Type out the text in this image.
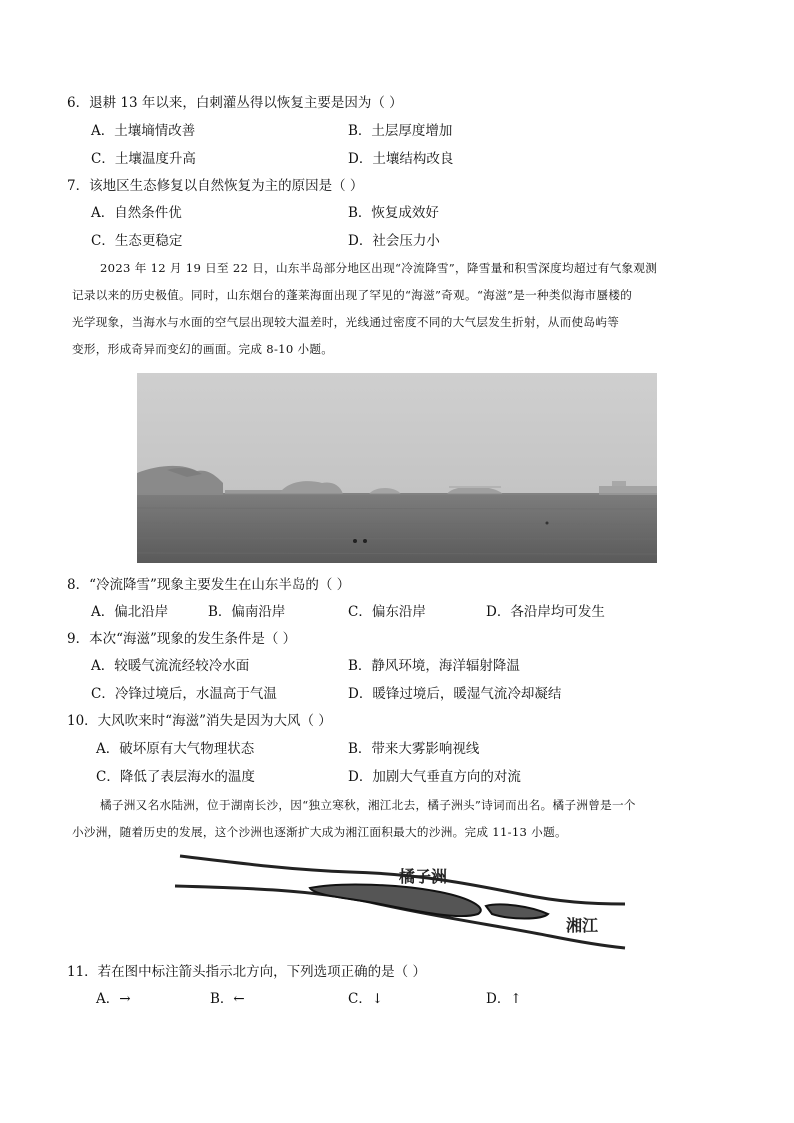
6．退耕 13 年以来，白刺灌丛得以恢复主要是因为（ ）
A．土壤墒情改善	B．土层厚度增加
C．土壤温度升高	D．土壤结构改良
7．该地区生态修复以自然恢复为主的原因是（ ）
A．自然条件优	B．恢复成效好
C．生态更稳定	D．社会压力小
2023 年 12 月 19 日至 22 日，山东半岛部分地区出现“冷流降雪”，降雪量和积雪深度均超过有气象观测
记录以来的历史极值。同时，山东烟台的蓬莱海面出现了罕见的“海滋”奇观。“海滋”是一种类似海市蜃楼的
光学现象，当海水与水面的空气层出现较大温差时，光线通过密度不同的大气层发生折射，从而使岛屿等
变形，形成奇异而变幻的画面。完成 8-10 小题。
8．“冷流降雪”现象主要发生在山东半岛的（ ）
A．偏北沿岸	B．偏南沿岸	C．偏东沿岸	D．各沿岸均可发生
9．本次“海滋”现象的发生条件是（ ）
A．较暖气流流经较冷水面	B．静风环境，海洋辐射降温
C．冷锋过境后，水温高于气温	D．暖锋过境后，暖湿气流冷却凝结
10．大风吹来时“海滋”消失是因为大风（ ）
A．破坏原有大气物理状态	B．带来大雾影响视线
C．降低了表层海水的温度	D．加剧大气垂直方向的对流
橘子洲又名水陆洲，位于湖南长沙，因“独立寒秋，湘江北去，橘子洲头”诗词而出名。橘子洲曾是一个
小沙洲，随着历史的发展，这个沙洲也逐渐扩大成为湘江面积最大的沙洲。完成 11-13 小题。
橘子洲
湘江
11．若在图中标注箭头指示北方向，下列选项正确的是（ ）
A．→	B．←	C．↓	D．↑
